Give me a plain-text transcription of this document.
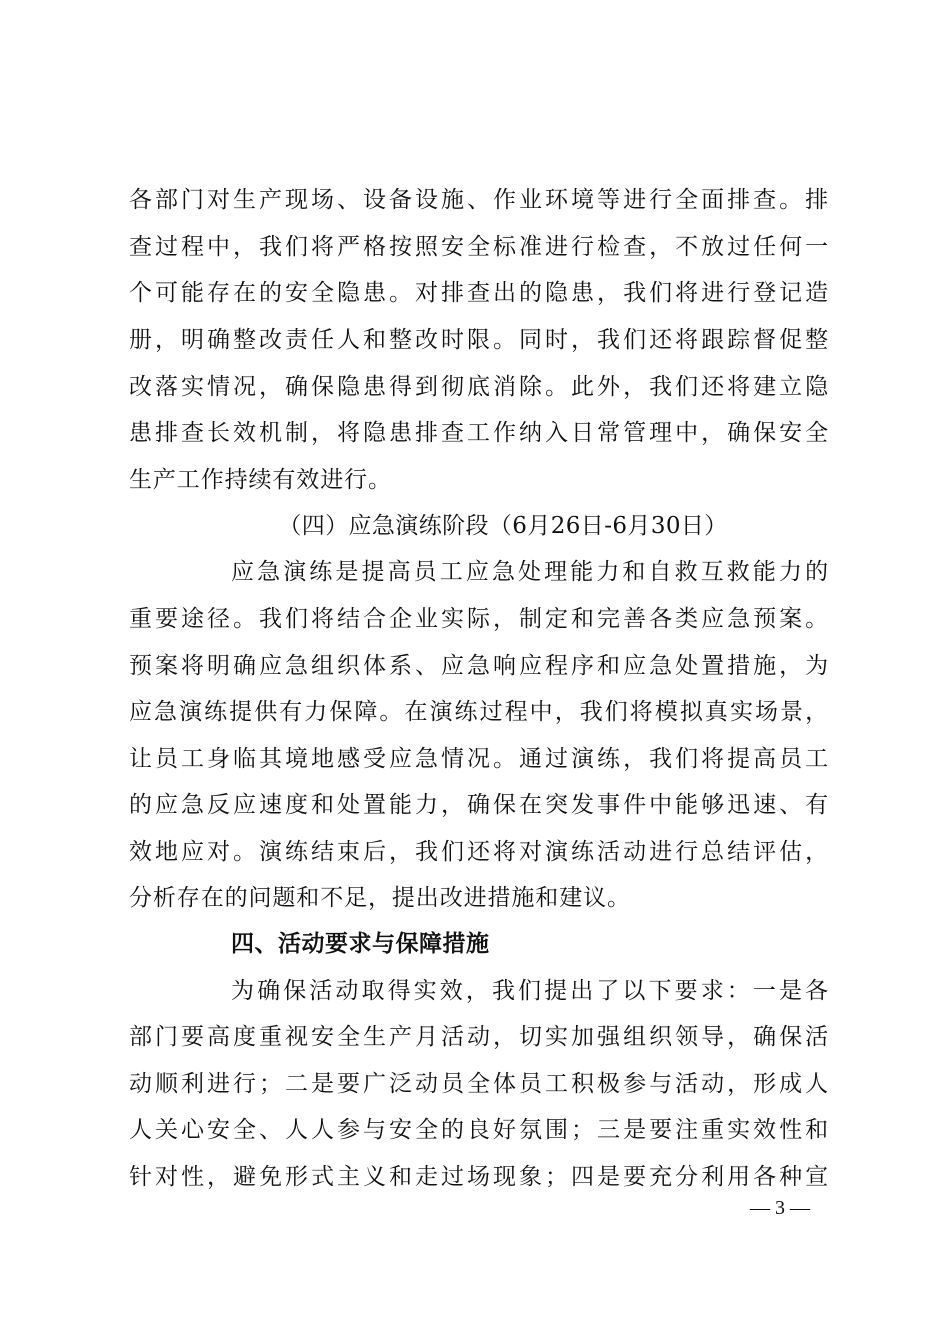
各部门对生产现场、设备设施、作业环境等进行全面排查。排
查过程中，我们将严格按照安全标准进行检查，不放过任何一
个可能存在的安全隐患。对排查出的隐患，我们将进行登记造
册，明确整改责任人和整改时限。同时，我们还将跟踪督促整
改落实情况，确保隐患得到彻底消除。此外，我们还将建立隐
患排查长效机制，将隐患排查工作纳入日常管理中，确保安全
生产工作持续有效进行。
（四）应急演练阶段（6月26日-6月30日）
应急演练是提高员工应急处理能力和自救互救能力的
重要途径。我们将结合企业实际，制定和完善各类应急预案。
预案将明确应急组织体系、应急响应程序和应急处置措施，为
应急演练提供有力保障。在演练过程中，我们将模拟真实场景，
让员工身临其境地感受应急情况。通过演练，我们将提高员工
的应急反应速度和处置能力，确保在突发事件中能够迅速、有
效地应对。演练结束后，我们还将对演练活动进行总结评估，
分析存在的问题和不足，提出改进措施和建议。
四、活动要求与保障措施
为确保活动取得实效，我们提出了以下要求：一是各
部门要高度重视安全生产月活动，切实加强组织领导，确保活
动顺利进行；二是要广泛动员全体员工积极参与活动，形成人
人关心安全、人人参与安全的良好氛围；三是要注重实效性和
针对性，避免形式主义和走过场现象；四是要充分利用各种宣
— 3 —
